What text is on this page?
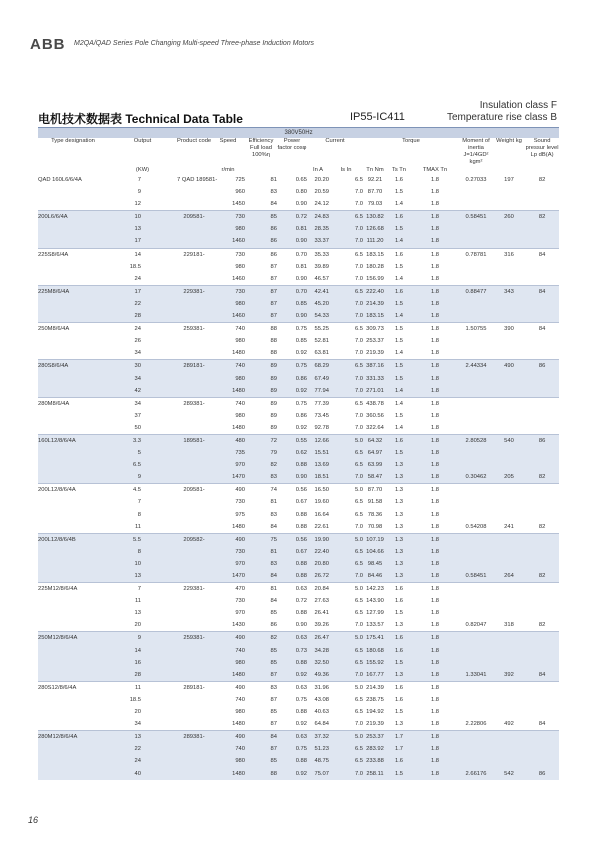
ABB M2QA/QAD Series Pole Changing Multi-speed Three-phase Induction Motors
Insulation class F
Temperature rise class B
电机技术数据表 Technical Data Table	IP55-IC411
380V50Hz														
Type designation	Output		Product code	Speed	Efficiency Full load 100%η	Power factor cosφ	Current		Torque			Moment of inertia J=1/4GD² kgm²	Weight kg	Sound pressur level Lp dB(A)
	(KW)			r/min			In A	Is In	Tn Nm	Ts Tn	TMAX Tn			
QAD 160L6/6/4A	7		7 QAD 189581-	725	81	0.65	20.20	6.5	92.21	1.6	1.8	0.27033	197	82
	9			960	83	0.80	20.59	7.0	87.70	1.5	1.8			
	12			1450	84	0.90	24.12	7.0	79.03	1.4	1.8			
200L6/6/4A	10		209581-	730	85	0.72	24.83	6.5	130.82	1.6	1.8	0.58451	260	82
	13			980	86	0.81	28.35	7.0	126.68	1.5	1.8			
	17			1460	86	0.90	33.37	7.0	111.20	1.4	1.8			
225S8/6/4A	14		229181-	730	86	0.70	35.33	6.5	183.15	1.6	1.8	0.78781	316	84
	18.5			980	87	0.81	39.89	7.0	180.28	1.5	1.8			
	24			1460	87	0.90	46.57	7.0	156.99	1.4	1.8			
225M8/6/4A	17		229381-	730	87	0.70	42.41	6.5	222.40	1.6	1.8	0.88477	343	84
	22			980	87	0.85	45.20	7.0	214.39	1.5	1.8			
	28			1460	87	0.90	54.33	7.0	183.15	1.4	1.8			
250M8/6/4A	24		259381-	740	88	0.75	55.25	6.5	309.73	1.5	1.8	1.50755	390	84
	26			980	88	0.85	52.81	7.0	253.37	1.5	1.8			
	34			1480	88	0.92	63.81	7.0	219.39	1.4	1.8			
280S8/6/4A	30		289181-	740	89	0.75	68.29	6.5	387.16	1.5	1.8	2.44334	490	86
	34			980	89	0.86	67.49	7.0	331.33	1.5	1.8			
	42			1480	89	0.92	77.94	7.0	271.01	1.4	1.8			
280M8/6/4A	34		289381-	740	89	0.75	77.39	6.5	438.78	1.4	1.8			
	37			980	89	0.86	73.45	7.0	360.56	1.5	1.8			
	50			1480	89	0.92	92.78	7.0	322.64	1.4	1.8			
160L12/8/6/4A	3.3		189581-	480	72	0.55	12.66	5.0	64.32	1.6	1.8	2.80528	540	86
	5			735	79	0.62	15.51	6.5	64.97	1.5	1.8			
	6.5			970	82	0.88	13.69	6.5	63.99	1.3	1.8			
	9			1470	83	0.90	18.51	7.0	58.47	1.3	1.8	0.30462	205	82
200L12/8/6/4A	4.5		209581-	490	74	0.56	16.50	5.0	87.70	1.3	1.8			
	7			730	81	0.67	19.60	6.5	91.58	1.3	1.8			
	8			975	83	0.88	16.64	6.5	78.36	1.3	1.8			
	11			1480	84	0.88	22.61	7.0	70.98	1.3	1.8	0.54208	241	82
200L12/8/6/4B	5.5		209582-	490	75	0.56	19.90	5.0	107.19	1.3	1.8			
	8			730	81	0.67	22.40	6.5	104.66	1.3	1.8			
	10			970	83	0.88	20.80	6.5	98.45	1.3	1.8			
	13			1470	84	0.88	26.72	7.0	84.46	1.3	1.8	0.58451	264	82
225M12/8/6/4A	7		229381-	470	81	0.63	20.84	5.0	142.23	1.6	1.8			
	11			730	84	0.72	27.63	6.5	143.90	1.6	1.8			
	13			970	85	0.88	26.41	6.5	127.99	1.5	1.8			
	20			1430	86	0.90	39.26	7.0	133.57	1.3	1.8	0.82047	318	82
250M12/8/6/4A	9		259381-	490	82	0.63	26.47	5.0	175.41	1.6	1.8			
	14			740	85	0.73	34.28	6.5	180.68	1.6	1.8			
	16			980	85	0.88	32.50	6.5	155.92	1.5	1.8			
	28			1480	87	0.92	49.36	7.0	167.77	1.3	1.8	1.33041	392	84
280S12/8/6/4A	11		289181-	490	83	0.63	31.96	5.0	214.39	1.6	1.8			
	18.5			740	87	0.75	43.08	6.5	238.75	1.6	1.8			
	20			980	85	0.88	40.63	6.5	194.92	1.5	1.8			
	34			1480	87	0.92	64.84	7.0	219.39	1.3	1.8	2.22806	492	84
280M12/8/6/4A	13		289381-	490	84	0.63	37.32	5.0	253.37	1.7	1.8			
	22			740	87	0.75	51.23	6.5	283.92	1.7	1.8			
	24			980	85	0.88	48.75	6.5	233.88	1.6	1.8			
	40			1480	88	0.92	75.07	7.0	258.11	1.5	1.8	2.66176	542	86
16
